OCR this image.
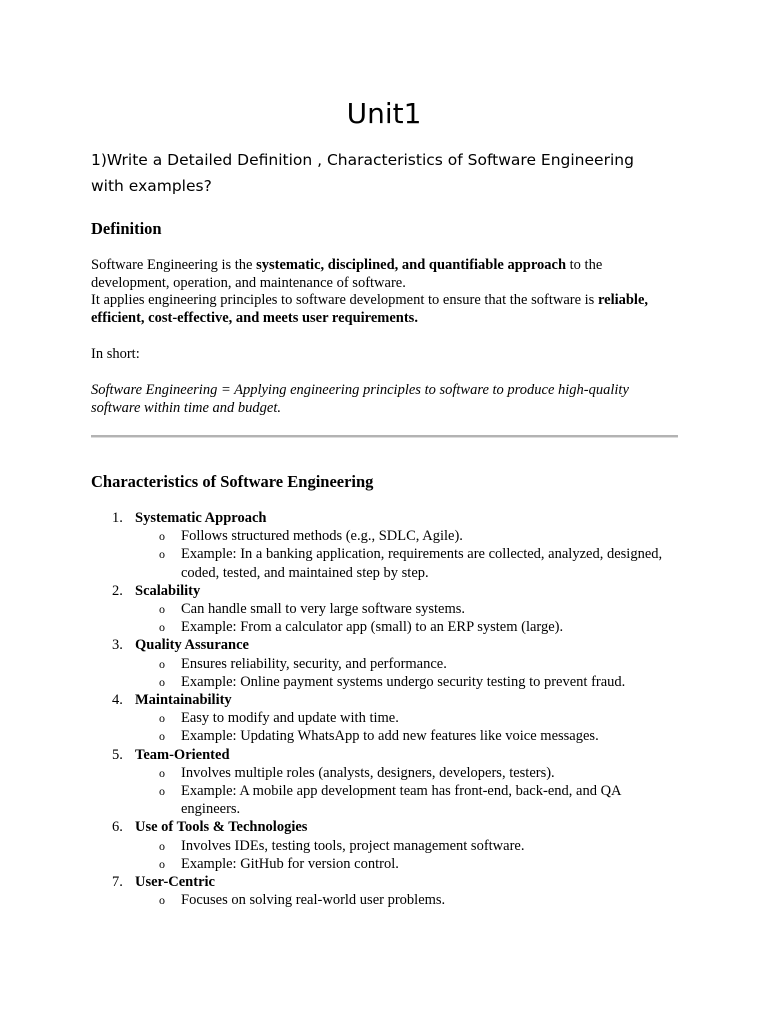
Unit1
1)Write a Detailed Definition , Characteristics of Software Engineering with examples?
Definition
Software Engineering is the systematic, disciplined, and quantifiable approach to the development, operation, and maintenance of software.
It applies engineering principles to software development to ensure that the software is reliable, efficient, cost-effective, and meets user requirements.
In short:
Software Engineering = Applying engineering principles to software to produce high-quality software within time and budget.
Characteristics of Software Engineering
1. Systematic Approach
o Follows structured methods (e.g., SDLC, Agile).
o Example: In a banking application, requirements are collected, analyzed, designed, coded, tested, and maintained step by step.
2. Scalability
o Can handle small to very large software systems.
o Example: From a calculator app (small) to an ERP system (large).
3. Quality Assurance
o Ensures reliability, security, and performance.
o Example: Online payment systems undergo security testing to prevent fraud.
4. Maintainability
o Easy to modify and update with time.
o Example: Updating WhatsApp to add new features like voice messages.
5. Team-Oriented
o Involves multiple roles (analysts, designers, developers, testers).
o Example: A mobile app development team has front-end, back-end, and QA engineers.
6. Use of Tools & Technologies
o Involves IDEs, testing tools, project management software.
o Example: GitHub for version control.
7. User-Centric
o Focuses on solving real-world user problems.
